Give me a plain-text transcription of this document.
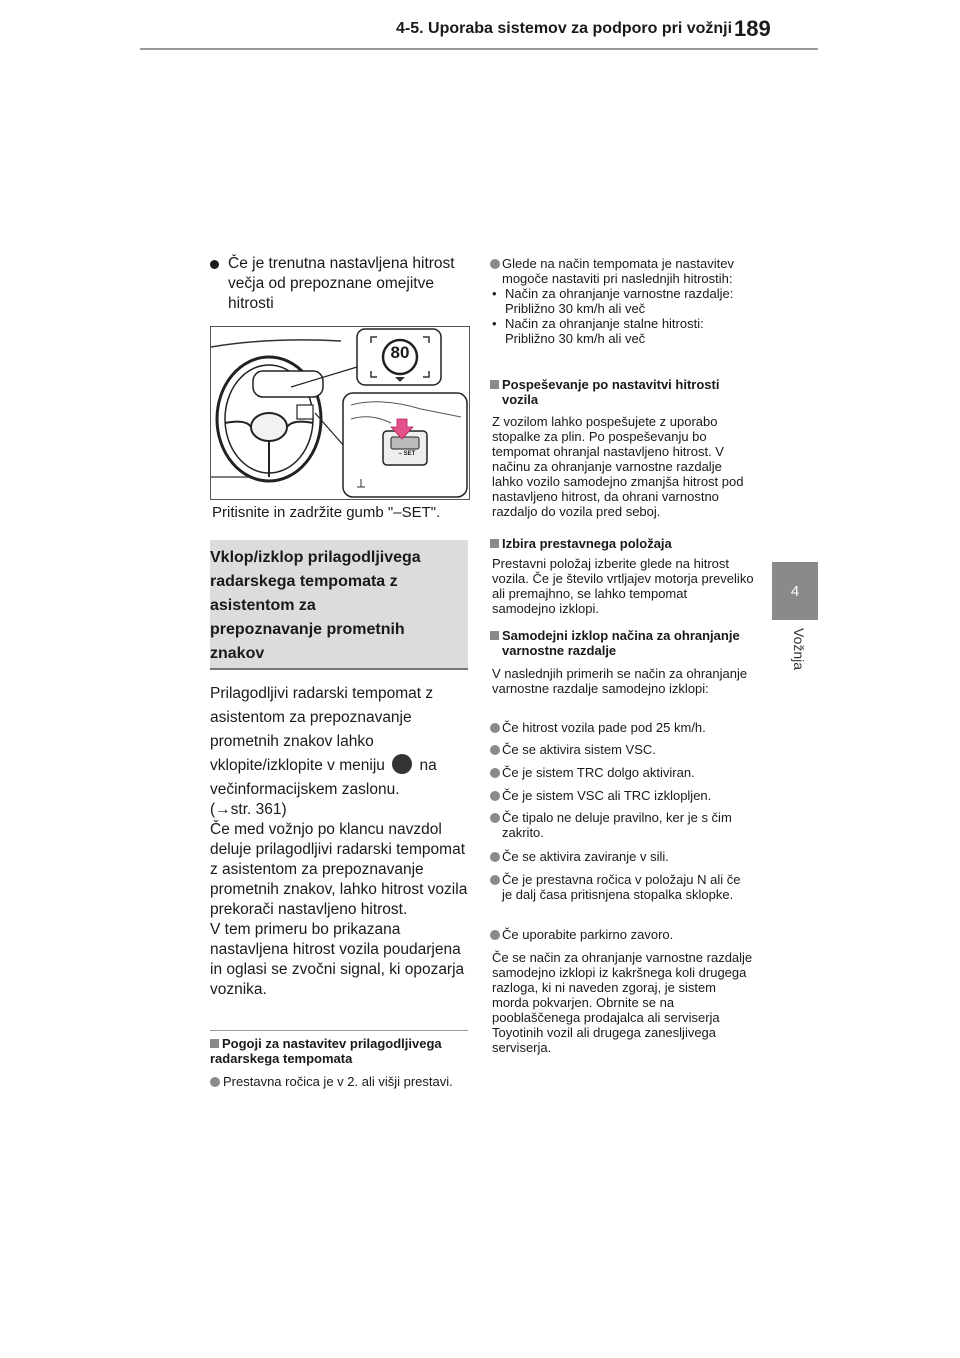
4-5. Uporaba sistemov za podporo pri vožnji 189
4
Vožnja
Če je trenutna nastavljena hitrost večja od prepoznane omejitve hitrosti
80
– SET
Pritisnite in zadržite gumb "–SET".
Vklop/izklop prilagodljivega
radarskega tempomata z
asistentom za
prepoznavanje prometnih
znakov
Prilagodljivi radarski tempomat z asistentom za prepoznavanje prometnih znakov lahko vklopite/izklopite v meniju na večinformacijskem zaslonu.
(→str. 361)
Če med vožnjo po klancu navzdol deluje prilagodljivi radarski tempomat z asistentom za prepoznavanje prometnih znakov, lahko hitrost vozila prekorači nastavljeno hitrost.
V tem primeru bo prikazana nastavljena hitrost vozila poudarjena in oglasi se zvočni signal, ki opozarja voznika.
Pogoji za nastavitev prilagodljivega radarskega tempomata
Prestavna ročica je v 2. ali višji prestavi.
Glede na način tempomata je nastavitev mogoče nastaviti pri naslednjih hitrostih:
• Način za ohranjanje varnostne razdalje: Približno 30 km/h ali več
• Način za ohranjanje stalne hitrosti: Približno 30 km/h ali več
Pospeševanje po nastavitvi hitrosti vozila
Z vozilom lahko pospešujete z uporabo stopalke za plin. Po pospeševanju bo tempomat ohranjal nastavljeno hitrost. V načinu za ohranjanje varnostne razdalje lahko vozilo samodejno zmanjša hitrost pod nastavljeno hitrost, da ohrani varnostno razdaljo do vozila pred seboj.
Izbira prestavnega položaja
Prestavni položaj izberite glede na hitrost vozila. Če je število vrtljajev motorja preveliko ali premajhno, se lahko tempomat samodejno izklopi.
Samodejni izklop načina za ohranjanje varnostne razdalje
V naslednjih primerih se način za ohranjanje varnostne razdalje samodejno izklopi:
Če hitrost vozila pade pod 25 km/h.
Če se aktivira sistem VSC.
Če je sistem TRC dolgo aktiviran.
Če je sistem VSC ali TRC izklopljen.
Če tipalo ne deluje pravilno, ker je s čim zakrito.
Če se aktivira zaviranje v sili.
Če je prestavna ročica v položaju N ali če je dalj časa pritisnjena stopalka sklopke.
Če uporabite parkirno zavoro.
Če se način za ohranjanje varnostne razdalje samodejno izklopi iz kakršnega koli drugega razloga, ki ni naveden zgoraj, je sistem morda pokvarjen. Obrnite se na pooblaščenega prodajalca ali serviserja Toyotinih vozil ali drugega zanesljivega serviserja.
